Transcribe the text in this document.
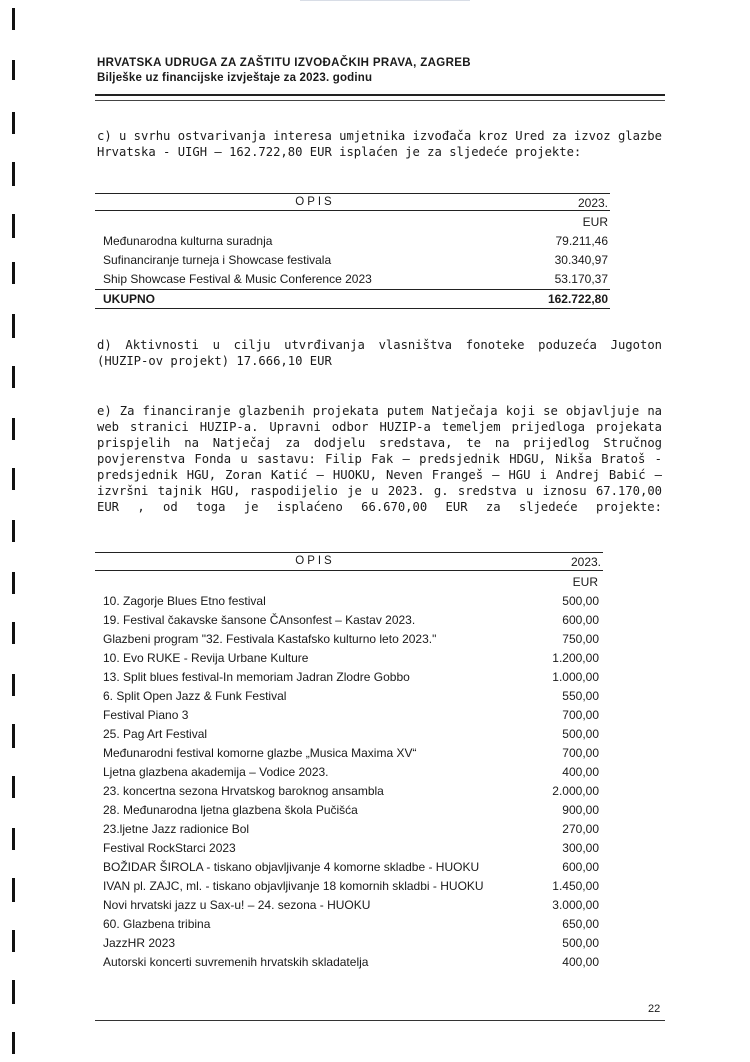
HRVATSKA UDRUGA ZA ZAŠTITU IZVOĐAČKIH PRAVA, ZAGREB
Bilješke uz financijske izvještaje za 2023. godinu

c) u svrhu ostvarivanja interesa umjetnika izvođača kroz Ured za izvoz glazbe Hrvatska - UIGH – 162.722,80 EUR isplaćen je za sljedeće projekte:

OPIS	2023.
EUR
Međunarodna kulturna suradnja	79.211,46
Sufinanciranje turneja i Showcase festivala	30.340,97
Ship Showcase Festival & Music Conference 2023	53.170,37
UKUPNO	162.722,80

d) Aktivnosti u cilju utvrđivanja vlasništva fonoteke poduzeća Jugoton (HUZIP-ov projekt) 17.666,10 EUR

e) Za financiranje glazbenih projekata putem Natječaja koji se objavljuje na web stranici HUZIP-a. Upravni odbor HUZIP-a temeljem prijedloga projekata prispjelih na Natječaj za dodjelu sredstava, te na prijedlog Stručnog povjerenstva Fonda u sastavu: Filip Fak – predsjednik HDGU, Nikša Bratoš - predsjednik HGU, Zoran Katić – HUOKU, Neven Frangeš – HGU i Andrej Babić – izvršni tajnik HGU, raspodijelio je u 2023. g. sredstva u iznosu 67.170,00 EUR , od toga je isplaćeno 66.670,00 EUR za sljedeće projekte:

OPIS	2023.
EUR
10. Zagorje Blues Etno festival	500,00
19. Festival čakavske šansone ČAnsonfest – Kastav 2023.	600,00
Glazbeni program "32. Festivala Kastafsko kulturno leto 2023."	750,00
10. Evo RUKE - Revija Urbane Kulture	1.200,00
13. Split blues festival-In memoriam Jadran Zlodre Gobbo	1.000,00
6. Split Open Jazz & Funk Festival	550,00
Festival Piano 3	700,00
25. Pag Art Festival	500,00
Međunarodni festival komorne glazbe „Musica Maxima XV“	700,00
Ljetna glazbena akademija – Vodice 2023.	400,00
23. koncertna sezona Hrvatskog baroknog ansambla	2.000,00
28. Međunarodna ljetna glazbena škola Pučišća	900,00
23.ljetne Jazz radionice Bol	270,00
Festival RockStarci 2023	300,00
BOŽIDAR ŠIROLA - tiskano objavljivanje 4 komorne skladbe - HUOKU	600,00
IVAN pl. ZAJC, ml. - tiskano objavljivanje 18 komornih skladbi - HUOKU	1.450,00
Novi hrvatski jazz u Sax-u! – 24. sezona - HUOKU	3.000,00
60. Glazbena tribina	650,00
JazzHR 2023	500,00
Autorski koncerti suvremenih hrvatskih skladatelja	400,00
22
